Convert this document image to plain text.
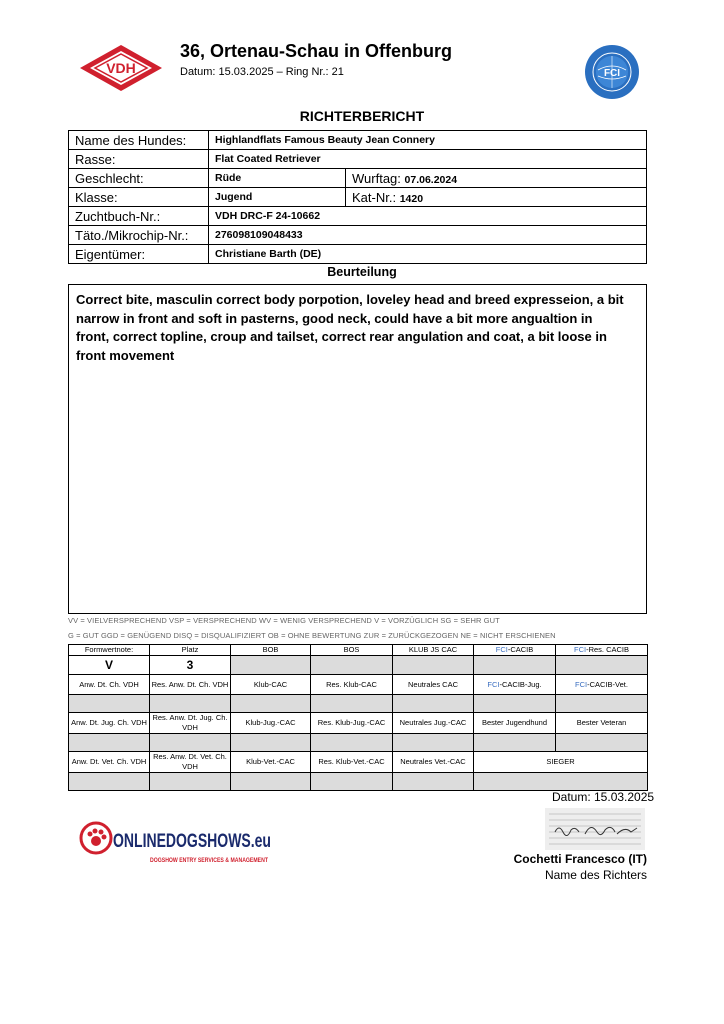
VDH
36, Ortenau-Schau in Offenburg
Datum: 15.03.2025 – Ring Nr.: 21	FCI
RICHTERBERICHT
Name des Hundes:	Highlandflats Famous Beauty Jean Connery	
Rasse:	Flat Coated Retriever	
Geschlecht:	Rüde	Wurftag: 07.06.2024
Klasse:	Jugend	Kat-Nr.: 1420
Zuchtbuch-Nr.:	VDH DRC-F 24-10662	
Täto./Mikrochip-Nr.:	276098109048433	
Eigentümer:	Christiane Barth (DE)	
Beurteilung
Correct bite, masculin correct body porpotion, loveley head and breed expresseion, a bit narrow in front and soft in pasterns, good neck, could have a bit more angualtion in front, correct topline, croup and tailset, correct rear angulation and coat, a bit loose in front movement
VV = VIELVERSPRECHEND VSP = VERSPRECHEND WV = WENIG VERSPRECHEND V = VORZÜGLICH SG = SEHR GUT
G = GUT GGD = GENÜGEND DISQ = DISQUALIFIZIERT OB = OHNE BEWERTUNG ZUR = ZURÜCKGEZOGEN NE = NICHT ERSCHIENEN
Formwertnote:	Platz	BOB	BOS	KLUB JS CAC	FCI-CACIB	FCI-Res. CACIB
V	3					
Anw. Dt. Ch. VDH	Res. Anw. Dt. Ch. VDH	Klub-CAC	Res. Klub-CAC	Neutrales CAC	FCI-CACIB-Jug.	FCI-CACIB-Vet.

Anw. Dt. Jug. Ch. VDH	Res. Anw. Dt. Jug. Ch. VDH	Klub-Jug.-CAC	Res. Klub-Jug.-CAC	Neutrales Jug.-CAC	Bester Jugendhund	Bester Veteran

Anw. Dt. Vet. Ch. VDH	Res. Anw. Dt. Vet. Ch. VDH	Klub-Vet.-CAC	Res. Klub-Vet.-CAC	Neutrales Vet.-CAC	SIEGER	

Datum: 15.03.2025
Cochetti Francesco (IT)
Name des Richters
ONLINEDOGSHOWS.eu
DOGSHOW ENTRY SERVICES & MANAGEMENT
